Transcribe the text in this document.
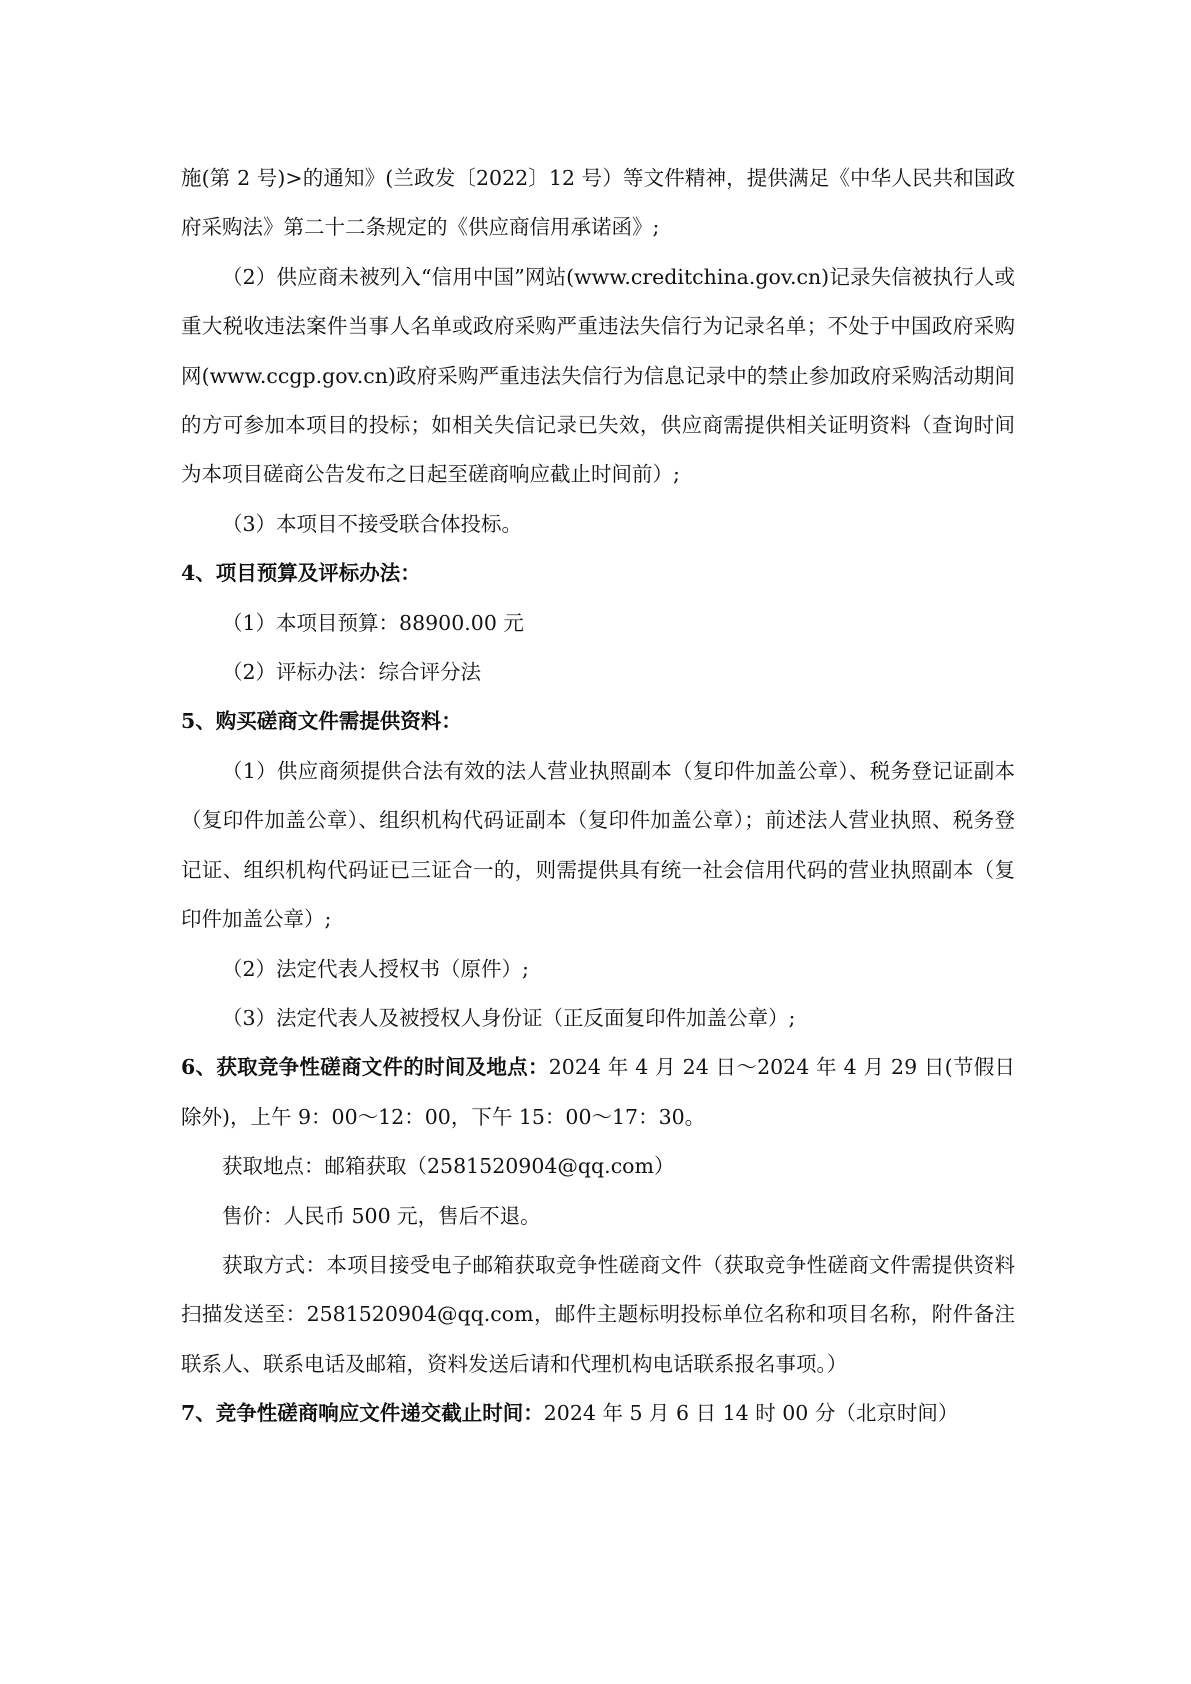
施(第 2 号)>的通知》(兰政发〔2022〕12 号）等文件精神，提供满足《中华人民共和国政府采购法》第二十二条规定的《供应商信用承诺函》;

（2）供应商未被列入“信用中国”网站(www.creditchina.gov.cn)记录失信被执行人或重大税收违法案件当事人名单或政府采购严重违法失信行为记录名单；不处于中国政府采购网(www.ccgp.gov.cn)政府采购严重违法失信行为信息记录中的禁止参加政府采购活动期间的方可参加本项目的投标；如相关失信记录已失效，供应商需提供相关证明资料（查询时间为本项目磋商公告发布之日起至磋商响应截止时间前）;

（3）本项目不接受联合体投标。

4、项目预算及评标办法：

（1）本项目预算：88900.00 元

（2）评标办法：综合评分法

5、购买磋商文件需提供资料：

（1）供应商须提供合法有效的法人营业执照副本（复印件加盖公章）、税务登记证副本（复印件加盖公章）、组织机构代码证副本（复印件加盖公章）；前述法人营业执照、税务登记证、组织机构代码证已三证合一的，则需提供具有统一社会信用代码的营业执照副本（复印件加盖公章）;

（2）法定代表人授权书（原件）;

（3）法定代表人及被授权人身份证（正反面复印件加盖公章）;

6、获取竞争性磋商文件的时间及地点：2024 年 4 月 24 日～2024 年 4 月 29 日(节假日除外)，上午 9：00～12：00，下午 15：00～17：30。

获取地点：邮箱获取（2581520904@qq.com）

售价：人民币 500 元，售后不退。

获取方式：本项目接受电子邮箱获取竞争性磋商文件（获取竞争性磋商文件需提供资料扫描发送至：2581520904@qq.com，邮件主题标明投标单位名称和项目名称，附件备注联系人、联系电话及邮箱，资料发送后请和代理机构电话联系报名事项。）

7、竞争性磋商响应文件递交截止时间：2024 年 5 月 6 日 14 时 00 分（北京时间）
